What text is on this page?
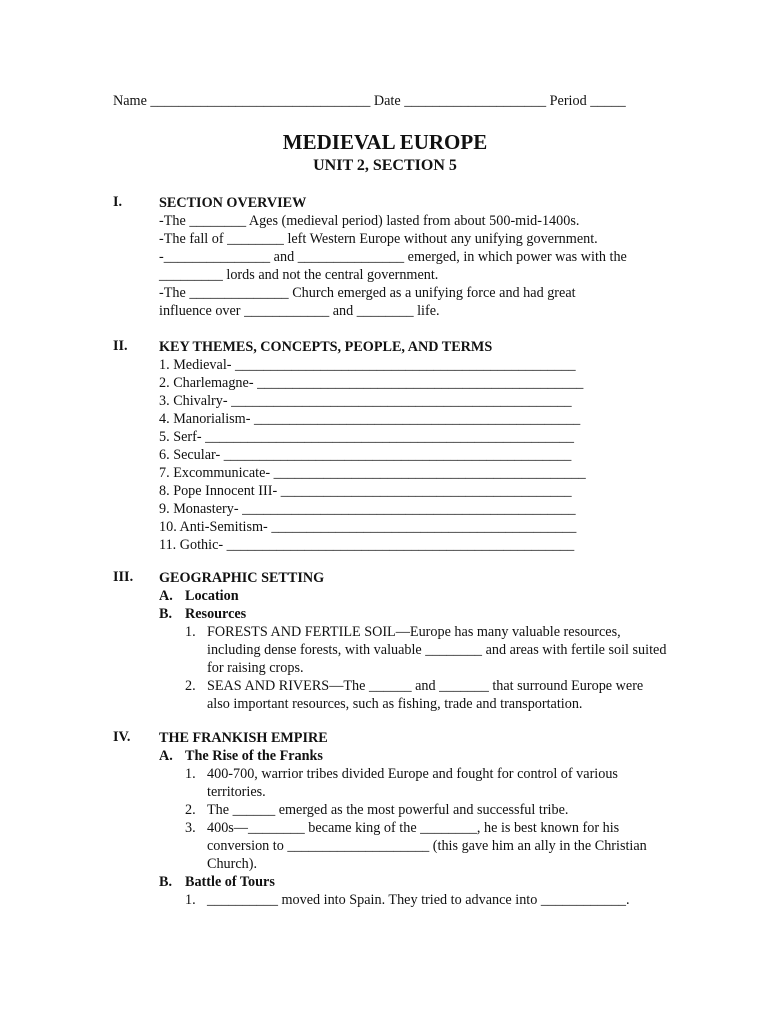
Name _______________________________ Date ____________________ Period _____
MEDIEVAL EUROPE
UNIT 2, SECTION 5
I.	SECTION OVERVIEW
-The ________ Ages (medieval period) lasted from about 500-mid-1400s.
-The fall of ________ left Western Europe without any unifying government.
-_______________ and _______________ emerged, in which power was with the
_________ lords and not the central government.
-The ______________ Church emerged as a unifying force and had great
influence over ____________ and ________ life.
II. KEY THEMES, CONCEPTS, PEOPLE, AND TERMS
1. Medieval- ________________________________________________
2. Charlemagne- ______________________________________________
3. Chivalry- ________________________________________________
4. Manorialism- ______________________________________________
5. Serf- ____________________________________________________
6. Secular- _________________________________________________
7. Excommunicate- ____________________________________________
8. Pope Innocent III- _________________________________________
9. Monastery- _______________________________________________
10. Anti-Semitism- ___________________________________________
11. Gothic- _________________________________________________
III. GEOGRAPHIC SETTING
A. Location
B. Resources
1. FORESTS AND FERTILE SOIL—Europe has many valuable resources, including dense forests, with valuable ________ and areas with fertile soil suited for raising crops.
2. SEAS AND RIVERS—The ______ and _______ that surround Europe were also important resources, such as fishing, trade and transportation.
IV. THE FRANKISH EMPIRE
A. The Rise of the Franks
1. 400-700, warrior tribes divided Europe and fought for control of various territories.
2. The ______ emerged as the most powerful and successful tribe.
3. 400s—________ became king of the ________, he is best known for his conversion to ____________________ (this gave him an ally in the Christian Church).
B. Battle of Tours
1. __________ moved into Spain. They tried to advance into ____________.
